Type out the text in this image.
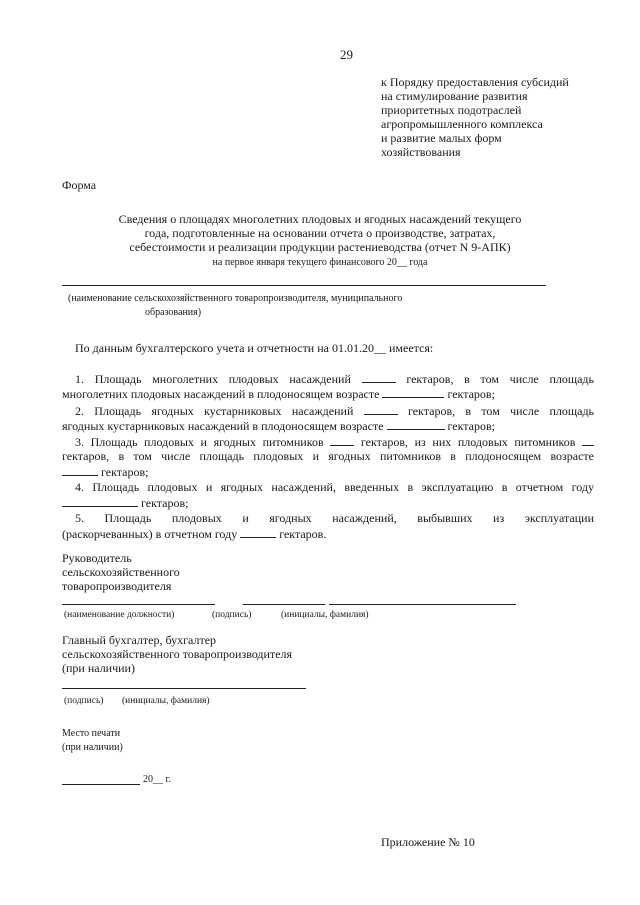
29
к Порядку предоставления субсидий
на стимулирование развития
приоритетных подотраслей
агропромышленного комплекса
и развитие малых форм
хозяйствования
Форма
Сведения о площадях многолетних плодовых и ягодных насаждений текущего
года, подготовленные на основании отчета о производстве, затратах,
себестоимости и реализации продукции растениеводства (отчет N 9-АПК)
на первое января текущего финансового 20__ года
(наименование сельскохозяйственного товаропроизводителя, муниципального
образования)
По данным бухгалтерского учета и отчетности на 01.01.20__ имеется:
1. Площадь многолетних плодовых насаждений	гектаров, в том числе площадь
многолетних плодовых насаждений в плодоносящем возрасте	гектаров;
2. Площадь ягодных кустарниковых насаждений	гектаров, в том числе площадь
ягодных кустарниковых насаждений в плодоносящем возрасте	гектаров;
3. Площадь плодовых и ягодных питомников	гектаров, из них плодовых питомников
гектаров, в том числе площадь плодовых и ягодных питомников в плодоносящем возрасте
гектаров;
4. Площадь плодовых и ягодных насаждений, введенных в эксплуатацию в отчетном году
гектаров;
5. Площадь плодовых и ягодных насаждений, выбывших из эксплуатации
(раскорчеванных) в отчетном году	гектаров.
Руководитель
сельскохозяйственного
товаропроизводителя
(наименование должности)	(подпись)	(инициалы, фамилия)
Главный бухгалтер, бухгалтер
сельскохозяйственного товаропроизводителя
(при наличии)
(подпись) (инициалы, фамилия)
Место печати
(при наличии)
20__ г.
Приложение № 10
